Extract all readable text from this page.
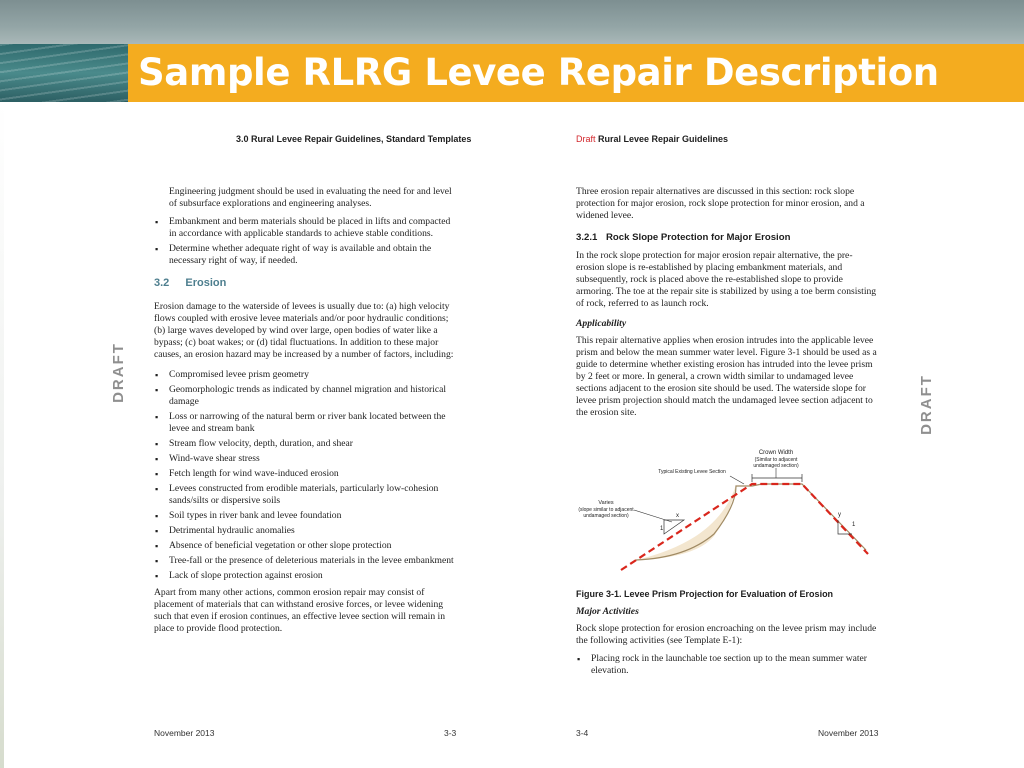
Sample RLRG Levee Repair Description
3.0 Rural Levee Repair Guidelines, Standard Templates

Engineering judgment should be used in evaluating the need for and level of subsurface explorations and engineering analyses.

▪ Embankment and berm materials should be placed in lifts and compacted in accordance with applicable standards to achieve stable conditions.
▪ Determine whether adequate right of way is available and obtain the necessary right of way, if needed.
3.2 Erosion

Erosion damage to the waterside of levees is usually due to: (a) high velocity flows coupled with erosive levee materials and/or poor hydraulic conditions; (b) large waves developed by wind over large, open bodies of water like a bypass; (c) boat wakes; or (d) tidal fluctuations. In addition to these major causes, an erosion hazard may be increased by a number of factors, including:

▪ Compromised levee prism geometry
▪ Geomorphologic trends as indicated by channel migration and historical damage
▪ Loss or narrowing of the natural berm or river bank located between the levee and stream bank
▪ Stream flow velocity, depth, duration, and shear
▪ Wind-wave shear stress
▪ Fetch length for wind wave-induced erosion
▪ Levees constructed from erodible materials, particularly low-cohesion sands/silts or dispersive soils
▪ Soil types in river bank and levee foundation
▪ Detrimental hydraulic anomalies
▪ Absence of beneficial vegetation or other slope protection
▪ Tree-fall or the presence of deleterious materials in the levee embankment
▪ Lack of slope protection against erosion

Apart from many other actions, common erosion repair may consist of placement of materials that can withstand erosive forces, or levee widening such that even if erosion continues, an effective levee section will remain in place to provide flood protection.

DRAFT
November 2013	3-3
Draft Rural Levee Repair Guidelines

Three erosion repair alternatives are discussed in this section: rock slope protection for major erosion, rock slope protection for minor erosion, and a widened levee.

3.2.1 Rock Slope Protection for Major Erosion

In the rock slope protection for major erosion repair alternative, the pre-erosion slope is re-established by placing embankment materials, and subsequently, rock is placed above the re-established slope to provide armoring. The toe at the repair site is stabilized by using a toe berm consisting of rock, referred to as launch rock.

Applicability

This repair alternative applies when erosion intrudes into the applicable levee prism and below the mean summer water level. Figure 3-1 should be used as a guide to determine whether existing erosion has intruded into the levee prism by 2 feet or more. In general, a crown width similar to undamaged levee sections adjacent to the erosion site should be used. The waterside slope for levee prism projection should match the undamaged levee section adjacent to the erosion site.	DRAFT
Crown Width
(Similar to adjacent
undamaged section)
Typical Existing Levee Section
Varies
(slope similar to adjacent
undamaged section)
1
x
1
y
Figure 3-1. Levee Prism Projection for Evaluation of Erosion
Major Activities

Rock slope protection for erosion encroaching on the levee prism may include the following activities (see Template E-1):

▪ Placing rock in the launchable toe section up to the mean summer water elevation.
3-4	November 2013
